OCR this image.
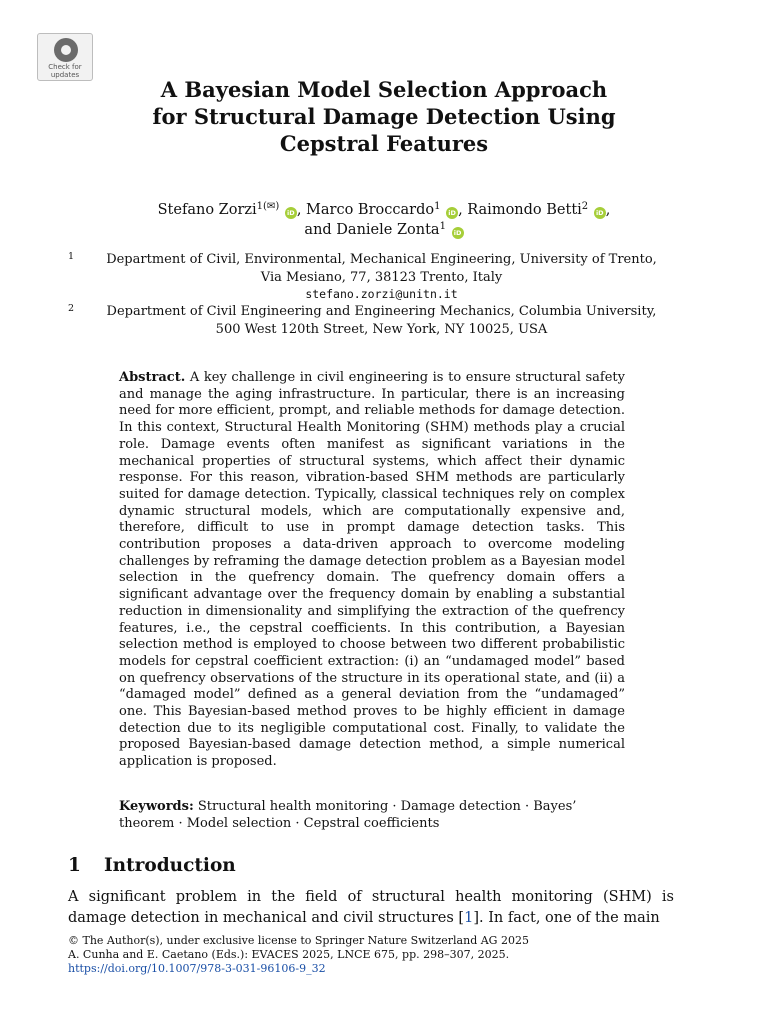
Check for
updates
A Bayesian Model Selection Approach
for Structural Damage Detection Using
Cepstral Features
Stefano Zorzi$^{1(✉)}$ iD , Marco Broccardo$^1$ iD , Raimondo Betti$^2$ iD ,
and Daniele Zonta$^1$ iD
1	Department of Civil, Environmental, Mechanical Engineering, University of Trento,
Via Mesiano, 77, 38123 Trento, Italy
stefano.zorzi@unitn.it
2	Department of Civil Engineering and Engineering Mechanics, Columbia University,
500 West 120th Street, New York, NY 10025, USA
Abstract. A key challenge in civil engineering is to ensure structural safety and manage the aging infrastructure. In particular, there is an increasing need for more efficient, prompt, and reliable methods for damage detection. In this context, Structural Health Monitoring (SHM) methods play a crucial role. Damage events often manifest as significant variations in the mechanical properties of structural systems, which affect their dynamic response. For this reason, vibration-based SHM methods are particularly suited for damage detection. Typically, classical techniques rely on complex dynamic structural models, which are computationally expensive and, therefore, difficult to use in prompt damage detection tasks. This contribution proposes a data-driven approach to overcome modeling challenges by reframing the damage detection problem as a Bayesian model selection in the quefrency domain. The quefrency domain offers a significant advantage over the frequency domain by enabling a substantial reduction in dimensionality and simplifying the extraction of the quefrency features, i.e., the cepstral coefficients. In this contribution, a Bayesian selection method is employed to choose between two different probabilistic models for cepstral coefficient extraction: (i) an “undamaged model” based on quefrency observations of the structure in its operational state, and (ii) a “damaged model” defined as a general deviation from the “undamaged” one. This Bayesian-based method proves to be highly efficient in damage detection due to its negligible computational cost. Finally, to validate the proposed Bayesian-based damage detection method, a simple numerical application is proposed.
Keywords: Structural health monitoring · Damage detection · Bayes’ theorem · Model selection · Cepstral coefficients
1 Introduction
A significant problem in the field of structural health monitoring (SHM) is damage detection in mechanical and civil structures [1]. In fact, one of the main
© The Author(s), under exclusive license to Springer Nature Switzerland AG 2025
A. Cunha and E. Caetano (Eds.): EVACES 2025, LNCE 675, pp. 298–307, 2025.
https://doi.org/10.1007/978-3-031-96106-9_32
